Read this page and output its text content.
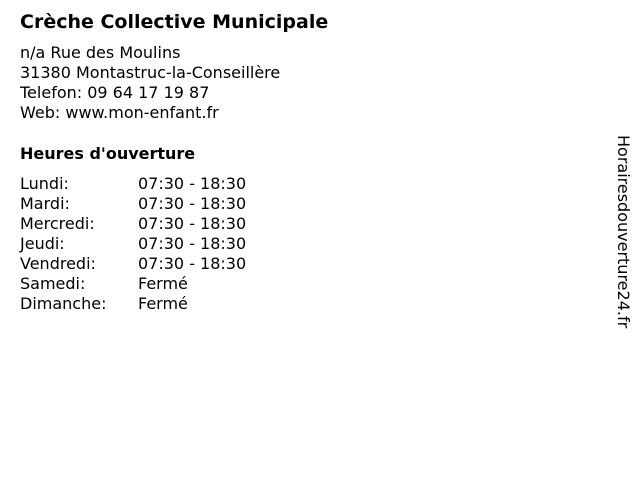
Crèche Collective Municipale
n/a Rue des Moulins
31380 Montastruc-la-Conseillère
Telefon: 09 64 17 19 87
Web: www.mon-enfant.fr
Heures d'ouverture
Lundi:	07:30 - 18:30
Mardi:	07:30 - 18:30
Mercredi:	07:30 - 18:30
Jeudi:	07:30 - 18:30
Vendredi:	07:30 - 18:30
Samedi:	Fermé
Dimanche: Fermé	Horairesdouverture24.fr
